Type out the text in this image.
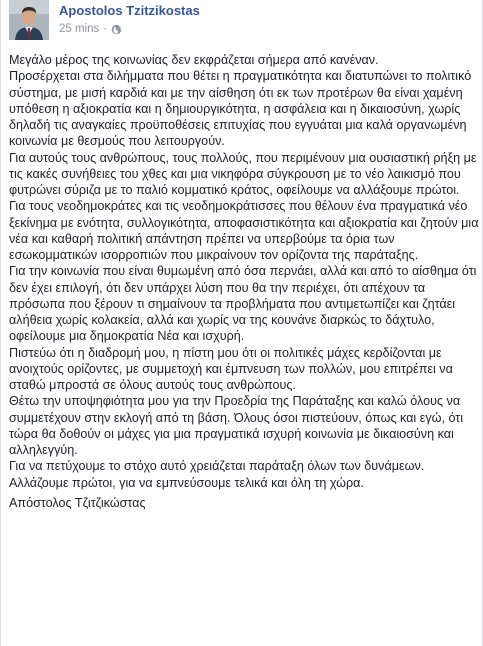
Apostolos Tzitzikostas
25 mins ·

Μεγάλο μέρος της κοινωνίας δεν εκφράζεται σήμερα από κανέναν.

Προσέρχεται στα διλήμματα που θέτει η πραγματικότητα και διατυπώνει το πολιτικό σύστημα, με μισή καρδιά και με την αίσθηση ότι εκ των προτέρων θα είναι χαμένη υπόθεση η αξιοκρατία και η δημιουργικότητα, η ασφάλεια και η δικαιοσύνη, χωρίς δηλαδή τις αναγκαίες προϋποθέσεις επιτυχίας που εγγυάται μια καλά οργανωμένη κοινωνία με θεσμούς που λειτουργούν.

Για αυτούς τους ανθρώπους, τους πολλούς, που περιμένουν μια ουσιαστική ρήξη με τις κακές συνήθειες του χθες και μια νικηφόρα σύγκρουση με το νέο λαικισμό που φυτρώνει σύριζα με το παλιό κομματικό κράτος, οφείλουμε να αλλάξουμε πρώτοι.

Για τους νεοδημοκράτες και τις νεοδημοκράτισσες που θέλουν ένα πραγματικά νέο ξεκίνημα με ενότητα, συλλογικότητα, αποφασιστικότητα και αξιοκρατία και ζητούν μια νέα και καθαρή πολιτική απάντηση πρέπει να υπερβούμε τα όρια των εσωκομματικών ισορροπιών που μικραίνουν τον ορίζοντα της παράταξης.

Για την κοινωνία που είναι θυμωμένη από όσα περνάει, αλλά και από το αίσθημα ότι δεν έχει επιλογή, ότι δεν υπάρχει λύση που θα την περιέχει, ότι απέχουν τα πρόσωπα που ξέρουν τι σημαίνουν τα προβλήματα που αντιμετωπίζει και ζητάει αλήθεια χωρίς κολακεία, αλλά και χωρίς να της κουνάνε διαρκώς το δάχτυλο, οφείλουμε μια δημοκρατία Νέα και ισχυρή.

Πιστεύω ότι η διαδρομή μου, η πίστη μου ότι οι πολιτικές μάχες κερδίζονται με ανοιχτούς ορίζοντες, με συμμετοχή και έμπνευση των πολλών, μου επιτρέπει να σταθώ μπροστά σε όλους αυτούς τους ανθρώπους.

Θέτω την υποψηφιότητα μου για την Προεδρία της Παράταξης και καλώ όλους να συμμετέχουν στην εκλογή από τη βάση. Όλους όσοι πιστεύουν, όπως και εγώ, ότι τώρα θα δοθούν οι μάχες για μια πραγματικά ισχυρή κοινωνία με δικαιοσύνη και αλληλεγγύη.

Για να πετύχουμε το στόχο αυτό χρειάζεται παράταξη όλων των δυνάμεων. Αλλάζουμε πρώτοι, για να εμπνεύσουμε τελικά και όλη τη χώρα.

Απόστολος Τζιτζικώστας
